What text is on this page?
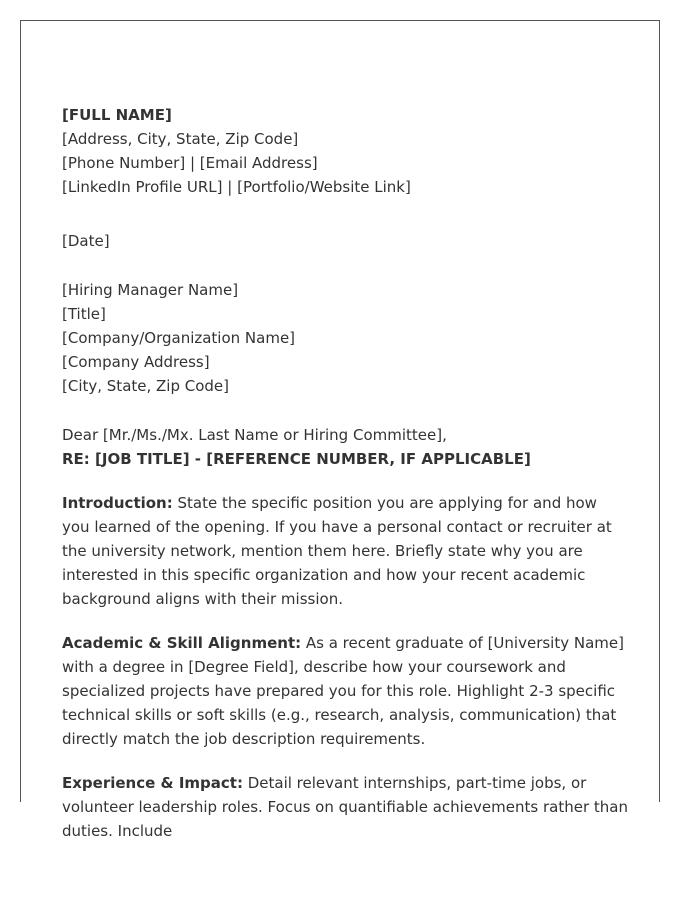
[FULL NAME]
[Address, City, State, Zip Code]
[Phone Number] | [Email Address]
[LinkedIn Profile URL] | [Portfolio/Website Link]
[Date]
[Hiring Manager Name]
[Title]
[Company/Organization Name]
[Company Address]
[City, State, Zip Code]
Dear [Mr./Ms./Mx. Last Name or Hiring Committee],
RE: [JOB TITLE] - [REFERENCE NUMBER, IF APPLICABLE]

Introduction: State the specific position you are applying for and how you learned of the opening. If you have a personal contact or recruiter at the university network, mention them here. Briefly state why you are interested in this specific organization and how your recent academic background aligns with their mission.

Academic & Skill Alignment: As a recent graduate of [University Name] with a degree in [Degree Field], describe how your coursework and specialized projects have prepared you for this role. Highlight 2-3 specific technical skills or soft skills (e.g., research, analysis, communication) that directly match the job description requirements.

Experience & Impact: Detail relevant internships, part-time jobs, or volunteer leadership roles. Focus on quantifiable achievements rather than duties. Include
